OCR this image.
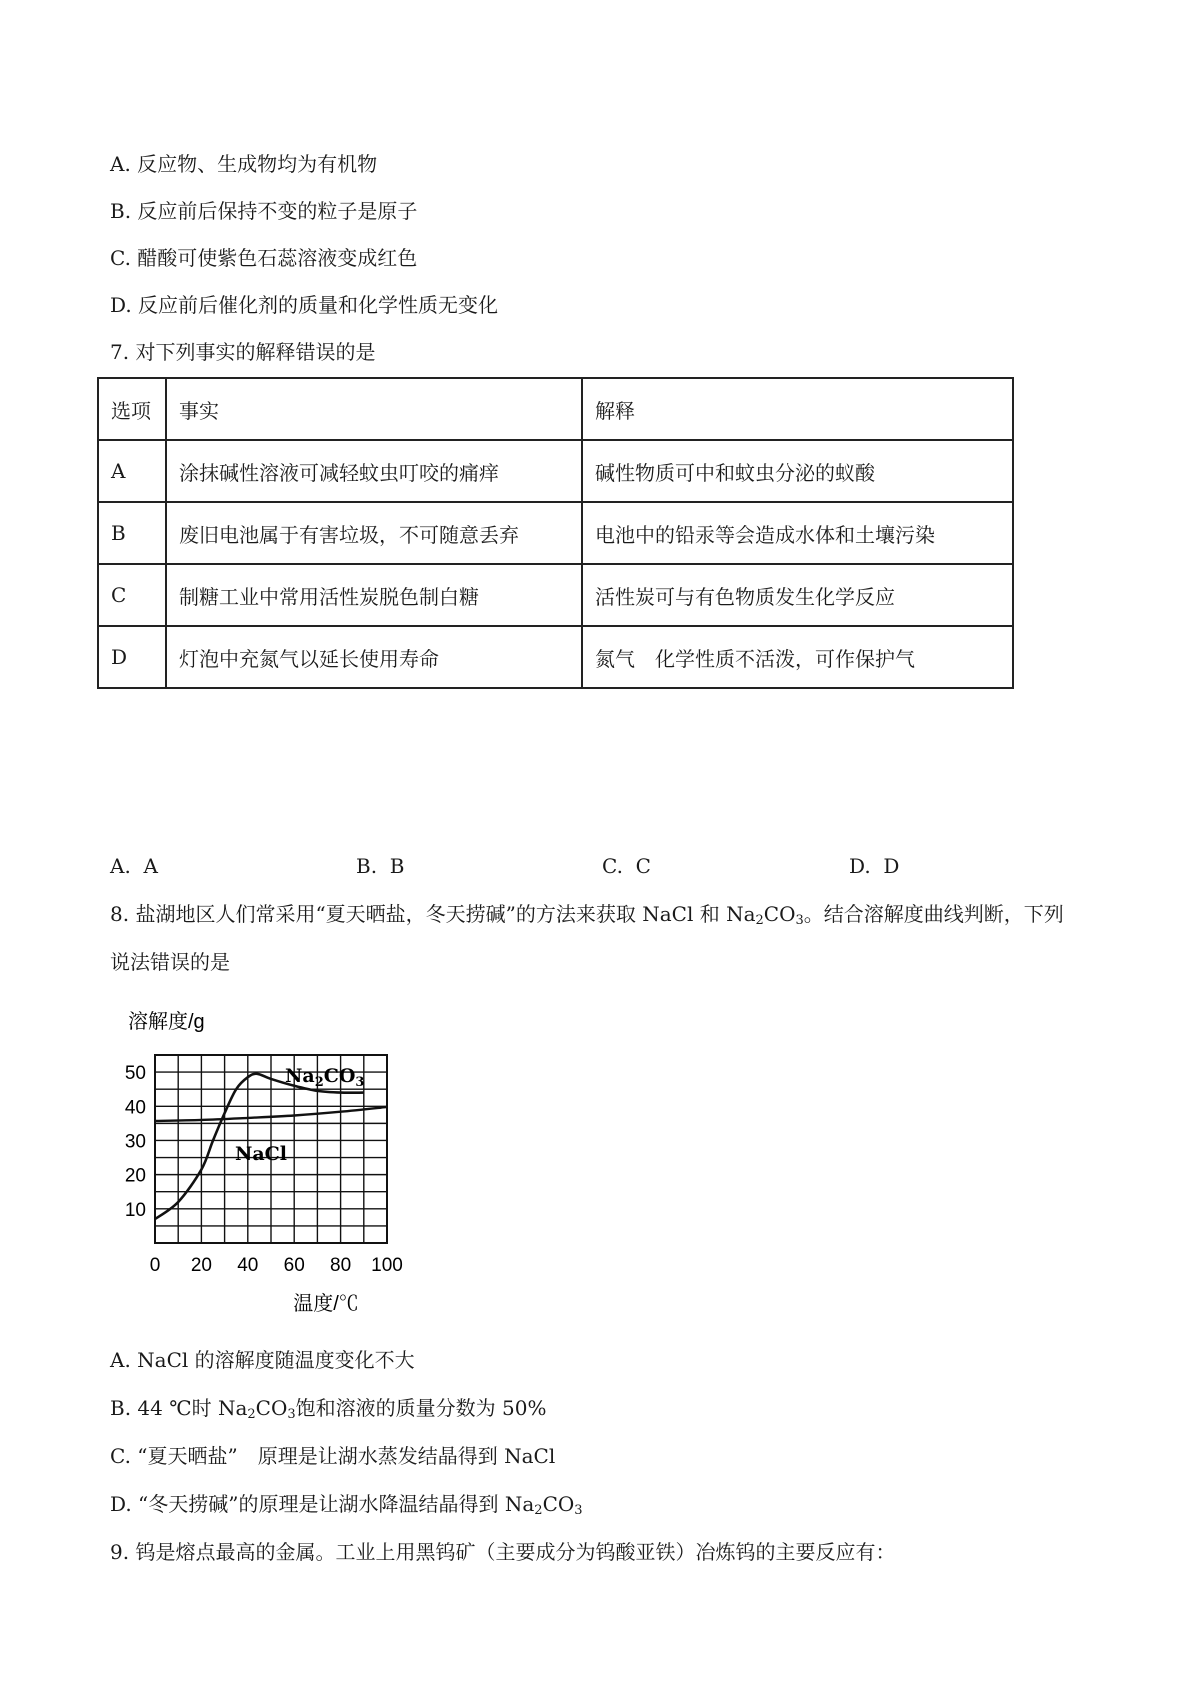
A. 反应物、生成物均为有机物
B. 反应前后保持不变的粒子是原子
C. 醋酸可使紫色石蕊溶液变成红色
D. 反应前后催化剂的质量和化学性质无变化
7. 对下列事实的解释错误的是
选项	事实	解释
A	涂抹碱性溶液可减轻蚊虫叮咬的痛痒	碱性物质可中和蚊虫分泌的蚁酸
B	废旧电池属于有害垃圾，不可随意丢弃	电池中的铅汞等会造成水体和土壤污染
C	制糖工业中常用活性炭脱色制白糖	活性炭可与有色物质发生化学反应
D	灯泡中充氮气以延长使用寿命	氮气　化学性质不活泼，可作保护气
A. A	B. B	C. C	D. D
8. 盐湖地区人们常采用“夏天晒盐，冬天捞碱”的方法来获取 NaCl 和 $Na_2CO_3$。结合溶解度曲线判断，下列
说法错误的是
溶解度/g
0 20 40 60 80 100
10
20
30
40
50	$Na_2CO_3$
NaCl
温度/℃
A. NaCl 的溶解度随温度变化不大
B. 44 ℃时 $Na_2CO_3$饱和溶液的质量分数为 50%
C. “夏天晒盐”　原理是让湖水蒸发结晶得到 NaCl
D. “冬天捞碱”的原理是让湖水降温结晶得到 $Na_2CO_3$
9. 钨是熔点最高的金属。工业上用黑钨矿（主要成分为钨酸亚铁）冶炼钨的主要反应有：
